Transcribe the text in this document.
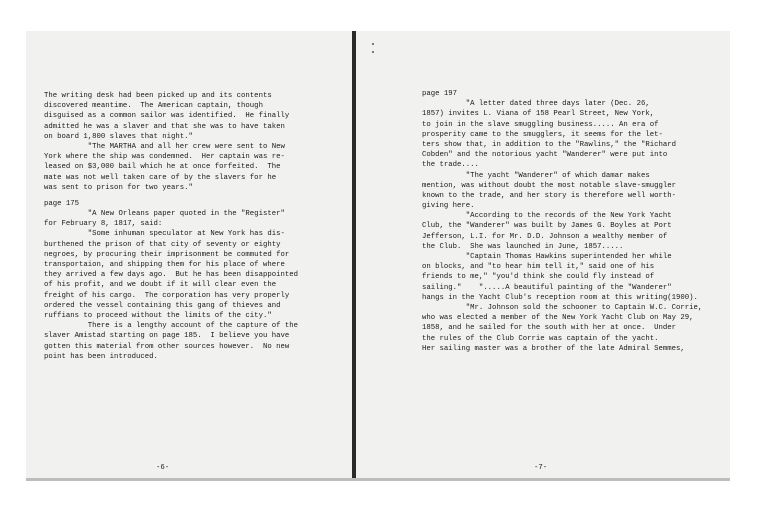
The writing desk had been picked up and its contents
discovered meantime.  The American captain, though
disguised as a common sailor was identified.  He finally
admitted he was a slaver and that she was to have taken
on board 1,800 slaves that night."
"The MARTHA and all her crew were sent to New
York where the ship was condemned.  Her captain was re-
leased on $3,000 bail which he at once forfeited.  The
mate was not well taken care of by the slavers for he
was sent to prison for two years."
page 175
"A New Orleans paper quoted in the "Register"
for February 8, 1817, said:
"Some inhuman speculator at New York has dis-
burthened the prison of that city of seventy or eighty
negroes, by procuring their imprisonment be commuted for
transportaion, and shipping them for his place of where
they arrived a few days ago.  But he has been disappointed
of his profit, and we doubt if it will clear even the
freight of his cargo.  The corporation has very properly
ordered the vessel containing this gang of thieves and
ruffians to proceed without the limits of the city."
There is a lengthy account of the capture of the
slaver Amistad starting on page 185.  I believe you have
gotten this material from other sources however.  No new
point has been introduced.
-6-
page 197
"A letter dated three days later (Dec. 26,
1857) invites L. Viana of 158 Pearl Street, New York,
to join in the slave smuggling business..... An era of
prosperity came to the smugglers, it seems for the let-
ters show that, in addition to the "Rawlins," the "Richard
Cobden" and the notorious yacht "Wanderer" were put into
the trade....
"The yacht "Wanderer" of which damar makes
mention, was without doubt the most notable slave-smuggler
known to the trade, and her story is therefore well worth-
giving here.
"According to the records of the New York Yacht
Club, the "Wanderer" was built by James G. Boyles at Port
Jefferson, L.I. for Mr. D.D. Johnson a wealthy member of
the Club.  She was launched in June, 1857.....
"Captain Thomas Hawkins superintended her while
on blocks, and "to hear him tell it," said one of his
friends to me," "you'd think she could fly instead of
sailing."    ".....A beautiful painting of the "Wanderer"
hangs in the Yacht Club's reception room at this writing(1900).
"Mr. Johnson sold the schooner to Captain W.C. Corrie,
who was elected a member of the New York Yacht Club on May 29,
1858, and he sailed for the south with her at once.  Under
the rules of the Club Corrie was captain of the yacht.
Her sailing master was a brother of the late Admiral Semmes,
-7-
